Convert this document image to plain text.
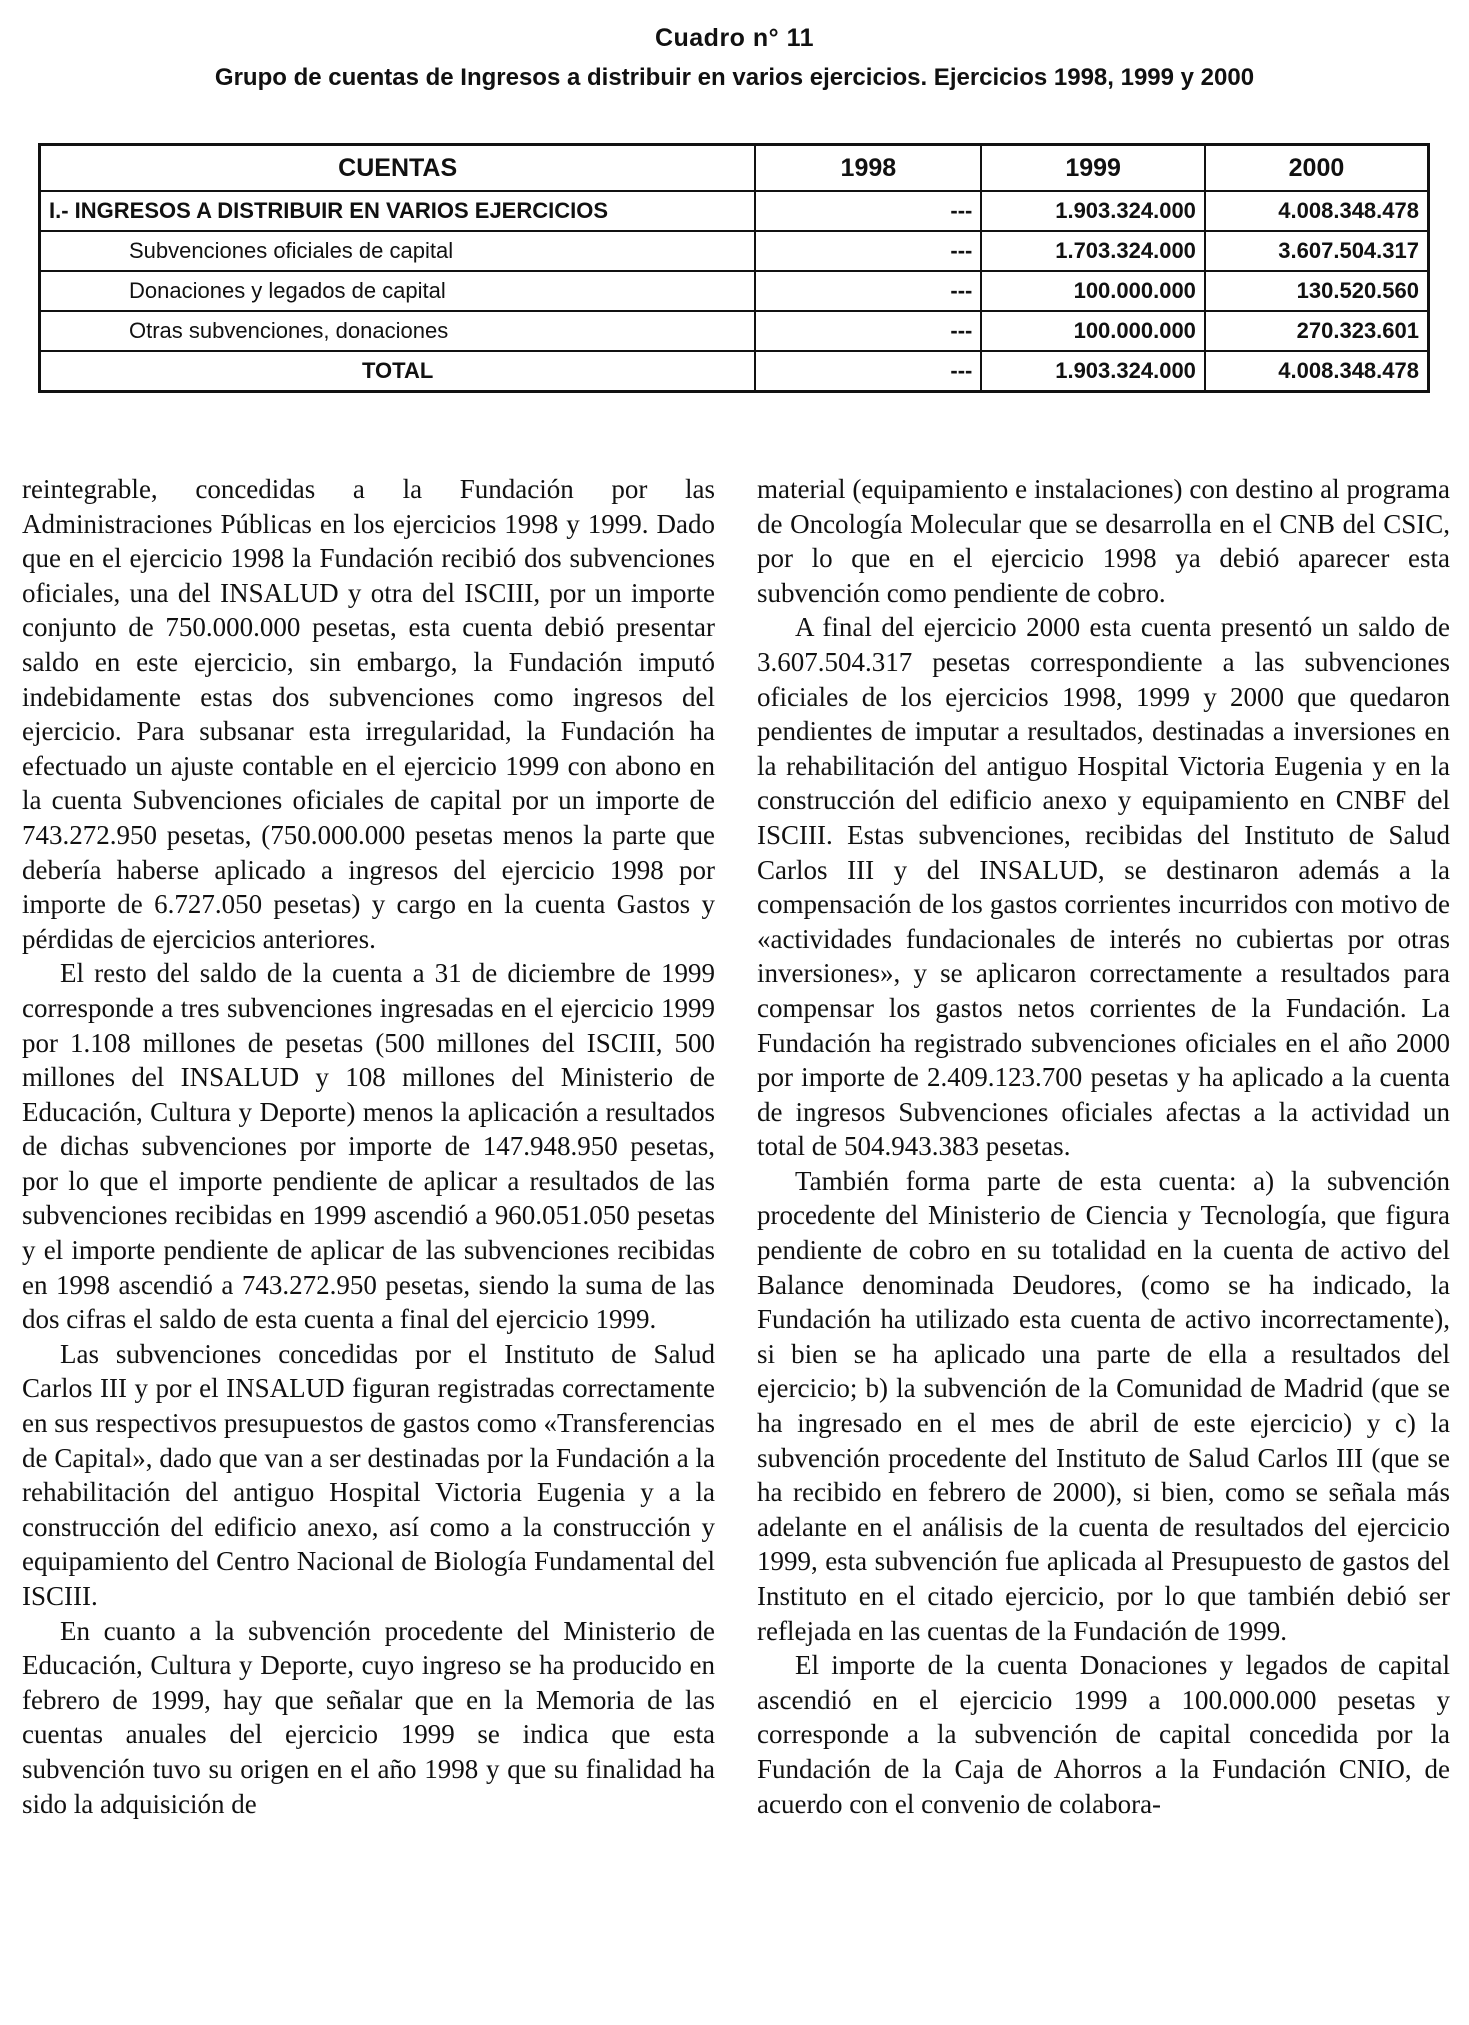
Cuadro n° 11
Grupo de cuentas de Ingresos a distribuir en varios ejercicios. Ejercicios 1998, 1999 y 2000
CUENTAS	1998	1999	2000
I.- INGRESOS A DISTRIBUIR EN VARIOS EJERCICIOS	---	1.903.324.000	4.008.348.478
Subvenciones oficiales de capital	---	1.703.324.000	3.607.504.317
Donaciones y legados de capital	---	100.000.000	130.520.560
Otras subvenciones, donaciones	---	100.000.000	270.323.601
TOTAL	---	1.903.324.000	4.008.348.478

reintegrable, concedidas a la Fundación por las Administraciones Públicas en los ejercicios 1998 y 1999. Dado que en el ejercicio 1998 la Fundación recibió dos subvenciones oficiales, una del INSALUD y otra del ISCIII, por un importe conjunto de 750.000.000 pesetas, esta cuenta debió presentar saldo en este ejercicio, sin embargo, la Fundación imputó indebidamente estas dos subvenciones como ingresos del ejercicio. Para subsanar esta irregularidad, la Fundación ha efectuado un ajuste contable en el ejercicio 1999 con abono en la cuenta Subvenciones oficiales de capital por un importe de 743.272.950 pesetas, (750.000.000 pesetas menos la parte que debería haberse aplicado a ingresos del ejercicio 1998 por importe de 6.727.050 pesetas) y cargo en la cuenta Gastos y pérdidas de ejercicios anteriores.

El resto del saldo de la cuenta a 31 de diciembre de 1999 corresponde a tres subvenciones ingresadas en el ejercicio 1999 por 1.108 millones de pesetas (500 millones del ISCIII, 500 millones del INSALUD y 108 millones del Ministerio de Educación, Cultura y Deporte) menos la aplicación a resultados de dichas subvenciones por importe de 147.948.950 pesetas, por lo que el importe pendiente de aplicar a resultados de las subvenciones recibidas en 1999 ascendió a 960.051.050 pesetas y el importe pendiente de aplicar de las subvenciones recibidas en 1998 ascendió a 743.272.950 pesetas, siendo la suma de las dos cifras el saldo de esta cuenta a final del ejercicio 1999.

Las subvenciones concedidas por el Instituto de Salud Carlos III y por el INSALUD figuran registradas correctamente en sus respectivos presupuestos de gastos como «Transferencias de Capital», dado que van a ser destinadas por la Fundación a la rehabilitación del antiguo Hospital Victoria Eugenia y a la construcción del edificio anexo, así como a la construcción y equipamiento del Centro Nacional de Biología Fundamental del ISCIII.

En cuanto a la subvención procedente del Ministerio de Educación, Cultura y Deporte, cuyo ingreso se ha producido en febrero de 1999, hay que señalar que en la Memoria de las cuentas anuales del ejercicio 1999 se indica que esta subvención tuvo su origen en el año 1998 y que su finalidad ha sido la adquisición de

material (equipamiento e instalaciones) con destino al programa de Oncología Molecular que se desarrolla en el CNB del CSIC, por lo que en el ejercicio 1998 ya debió aparecer esta subvención como pendiente de cobro.

A final del ejercicio 2000 esta cuenta presentó un saldo de 3.607.504.317 pesetas correspondiente a las subvenciones oficiales de los ejercicios 1998, 1999 y 2000 que quedaron pendientes de imputar a resultados, destinadas a inversiones en la rehabilitación del antiguo Hospital Victoria Eugenia y en la construcción del edificio anexo y equipamiento en CNBF del ISCIII. Estas subvenciones, recibidas del Instituto de Salud Carlos III y del INSALUD, se destinaron además a la compensación de los gastos corrientes incurridos con motivo de «actividades fundacionales de interés no cubiertas por otras inversiones», y se aplicaron correctamente a resultados para compensar los gastos netos corrientes de la Fundación. La Fundación ha registrado subvenciones oficiales en el año 2000 por importe de 2.409.123.700 pesetas y ha aplicado a la cuenta de ingresos Subvenciones oficiales afectas a la actividad un total de 504.943.383 pesetas.

También forma parte de esta cuenta: a) la subvención procedente del Ministerio de Ciencia y Tecnología, que figura pendiente de cobro en su totalidad en la cuenta de activo del Balance denominada Deudores, (como se ha indicado, la Fundación ha utilizado esta cuenta de activo incorrectamente), si bien se ha aplicado una parte de ella a resultados del ejercicio; b) la subvención de la Comunidad de Madrid (que se ha ingresado en el mes de abril de este ejercicio) y c) la subvención procedente del Instituto de Salud Carlos III (que se ha recibido en febrero de 2000), si bien, como se señala más adelante en el análisis de la cuenta de resultados del ejercicio 1999, esta subvención fue aplicada al Presupuesto de gastos del Instituto en el citado ejercicio, por lo que también debió ser reflejada en las cuentas de la Fundación de 1999.

El importe de la cuenta Donaciones y legados de capital ascendió en el ejercicio 1999 a 100.000.000 pesetas y corresponde a la subvención de capital concedida por la Fundación de la Caja de Ahorros a la Fundación CNIO, de acuerdo con el convenio de colabora-
